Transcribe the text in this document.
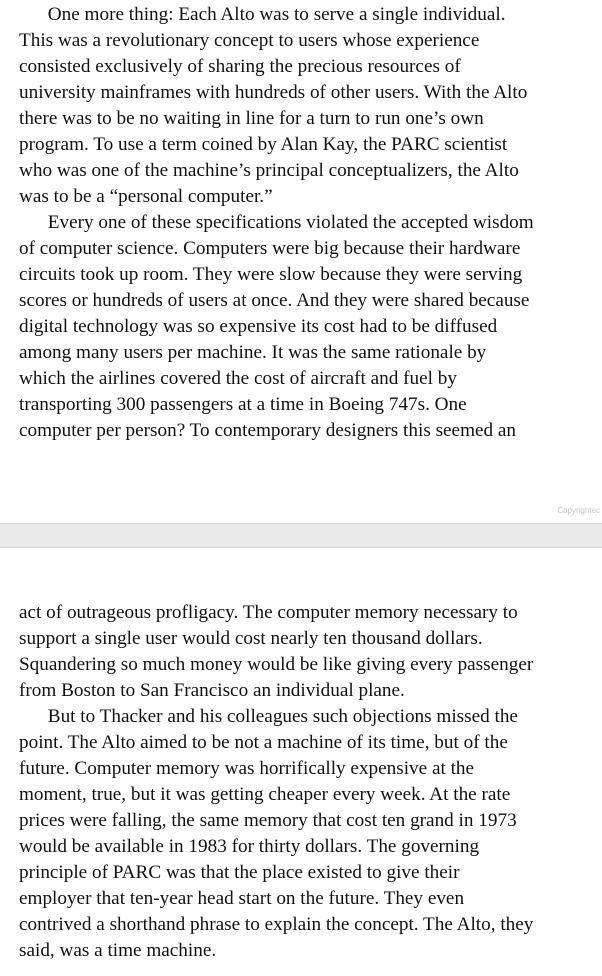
One more thing: Each Alto was to serve a single individual.
This was a revolutionary concept to users whose experience
consisted exclusively of sharing the precious resources of
university mainframes with hundreds of other users. With the Alto
there was to be no waiting in line for a turn to run one’s own
program. To use a term coined by Alan Kay, the PARC scientist
who was one of the machine’s principal conceptualizers, the Alto
was to be a “personal computer.”
Every one of these specifications violated the accepted wisdom
of computer science. Computers were big because their hardware
circuits took up room. They were slow because they were serving
scores or hundreds of users at once. And they were shared because
digital technology was so expensive its cost had to be diffused
among many users per machine. It was the same rationale by
which the airlines covered the cost of aircraft and fuel by
transporting 300 passengers at a time in Boeing 747s. One
computer per person? To contemporary designers this seemed an
Copyrightec
act of outrageous profligacy. The computer memory necessary to
support a single user would cost nearly ten thousand dollars.
Squandering so much money would be like giving every passenger
from Boston to San Francisco an individual plane.
But to Thacker and his colleagues such objections missed the
point. The Alto aimed to be not a machine of its time, but of the
future. Computer memory was horrifically expensive at the
moment, true, but it was getting cheaper every week. At the rate
prices were falling, the same memory that cost ten grand in 1973
would be available in 1983 for thirty dollars. The governing
principle of PARC was that the place existed to give their
employer that ten-year head start on the future. They even
contrived a shorthand phrase to explain the concept. The Alto, they
said, was a time machine.
